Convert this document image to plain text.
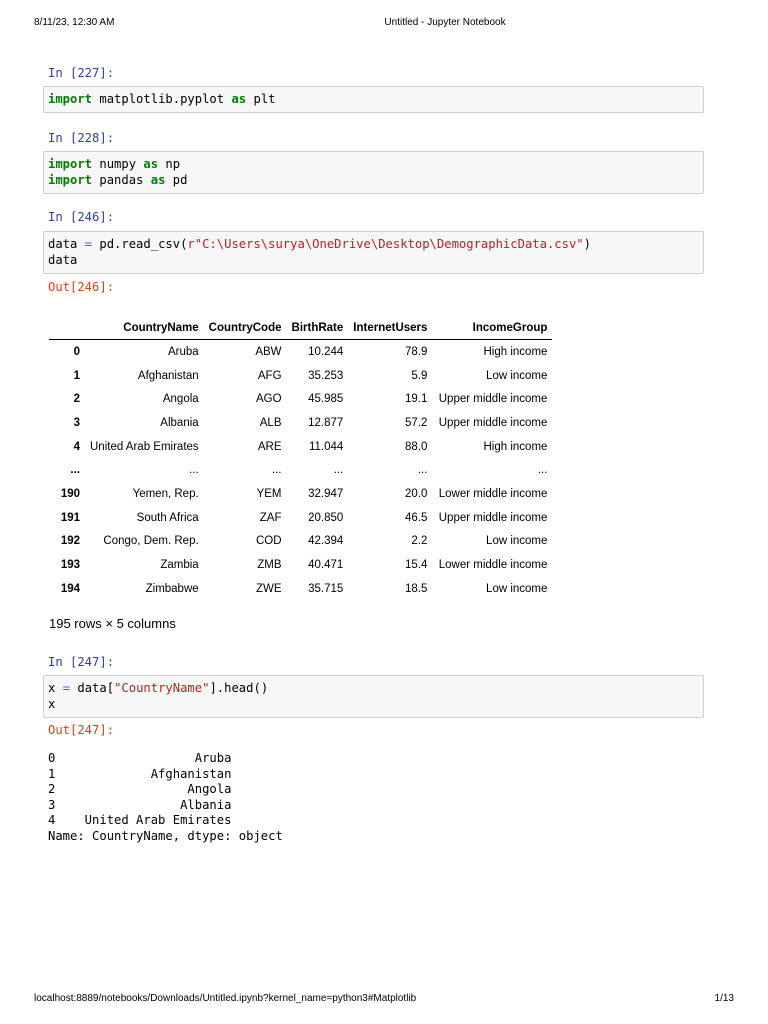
8/11/23, 12:30 AM	Untitled - Jupyter Notebook
In [227]:
import matplotlib.pyplot as plt
In [228]:
import numpy as np
import pandas as pd
In [246]:
data = pd.read_csv(r"C:\Users\surya\OneDrive\Desktop\DemographicData.csv")
data
Out[246]:
	CountryName	CountryCode	BirthRate	InternetUsers	IncomeGroup
0	Aruba	ABW	10.244	78.9	High income
1	Afghanistan	AFG	35.253	5.9	Low income
2	Angola	AGO	45.985	19.1	Upper middle income
3	Albania	ALB	12.877	57.2	Upper middle income
4	United Arab Emirates	ARE	11.044	88.0	High income
...	...	...	...	...	...
190	Yemen, Rep.	YEM	32.947	20.0	Lower middle income
191	South Africa	ZAF	20.850	46.5	Upper middle income
192	Congo, Dem. Rep.	COD	42.394	2.2	Low income
193	Zambia	ZMB	40.471	15.4	Lower middle income
194	Zimbabwe	ZWE	35.715	18.5	Low income
195 rows × 5 columns
In [247]:
x = data["CountryName"].head()
x
Out[247]:
0                   Aruba
1             Afghanistan
2                  Angola
3                 Albania
4    United Arab Emirates
Name: CountryName, dtype: object
localhost:8889/notebooks/Downloads/Untitled.ipynb?kernel_name=python3#Matplotlib	1/13
